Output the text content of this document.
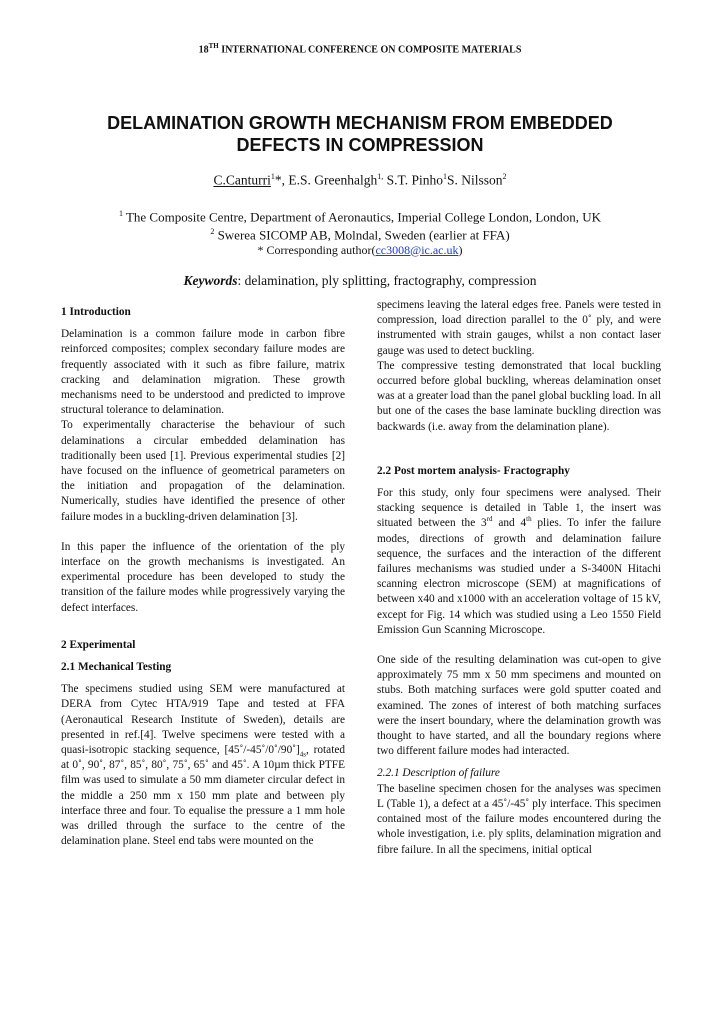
18TH INTERNATIONAL CONFERENCE ON COMPOSITE MATERIALS
DELAMINATION GROWTH MECHANISM FROM EMBEDDED
DEFECTS IN COMPRESSION
C.Canturri$^1$*, E.S. Greenhalgh$^{1,}$ S.T. Pinho$^1$S. Nilsson$^2$
$^1$ The Composite Centre, Department of Aeronautics, Imperial College London, London, UK
$^2$ Swerea SICOMP AB, Molndal, Sweden (earlier at FFA)
* Corresponding author(cc3008@ic.ac.uk)
Keywords: delamination, ply splitting, fractography, compression

1 Introduction

Delamination is a common failure mode in carbon fibre reinforced composites; complex secondary failure modes are frequently associated with it such as fibre failure, matrix cracking and delamination migration. These growth mechanisms need to be understood and predicted to improve structural tolerance to delamination.

To experimentally characterise the behaviour of such delaminations a circular embedded delamination has traditionally been used [1]. Previous experimental studies [2] have focused on the influence of geometrical parameters on the initiation and propagation of the delamination. Numerically, studies have identified the presence of other failure modes in a buckling-driven delamination [3].

In this paper the influence of the orientation of the ply interface on the growth mechanisms is investigated. An experimental procedure has been developed to study the transition of the failure modes while progressively varying the defect interfaces.

2 Experimental

2.1 Mechanical Testing

The specimens studied using SEM were manufactured at DERA from Cytec HTA/919 Tape and tested at FFA (Aeronautical Research Institute of Sweden), details are presented in ref.[4]. Twelve specimens were tested with a quasi-isotropic stacking sequence, $[45˚/-45˚/0˚/90˚]_{4s}$, rotated at 0˚, 90˚, 87˚, 85˚, 80˚, 75˚, 65˚ and 45˚. A 10µm thick PTFE film was used to simulate a 50 mm diameter circular defect in the middle a 250 mm x 150 mm plate and between ply interface three and four. To equalise the pressure a 1 mm hole was drilled through the surface to the centre of the delamination plane. Steel end tabs were mounted on the

specimens leaving the lateral edges free. Panels were tested in compression, load direction parallel to the 0˚ ply, and were instrumented with strain gauges, whilst a non contact laser gauge was used to detect buckling.

The compressive testing demonstrated that local buckling occurred before global buckling, whereas delamination onset was at a greater load than the panel global buckling load. In all but one of the cases the base laminate buckling direction was backwards (i.e. away from the delamination plane).

2.2 Post mortem analysis- Fractography

For this study, only four specimens were analysed. Their stacking sequence is detailed in Table 1, the insert was situated between the 3rd and 4th plies. To infer the failure modes, directions of growth and delamination failure sequence, the surfaces and the interaction of the different failures mechanisms was studied under a S-3400N Hitachi scanning electron microscope (SEM) at magnifications of between x40 and x1000 with an acceleration voltage of 15 kV, except for Fig. 14 which was studied using a Leo 1550 Field Emission Gun Scanning Microscope.

One side of the resulting delamination was cut-open to give approximately 75 mm x 50 mm specimens and mounted on stubs. Both matching surfaces were gold sputter coated and examined. The zones of interest of both matching surfaces were the insert boundary, where the delamination growth was thought to have started, and all the boundary regions where two different failure modes had interacted.

2.2.1 Description of failure

The baseline specimen chosen for the analyses was specimen L (Table 1), a defect at a 45˚/-45˚ ply interface. This specimen contained most of the failure modes encountered during the whole investigation, i.e. ply splits, delamination migration and fibre failure. In all the specimens, initial optical
